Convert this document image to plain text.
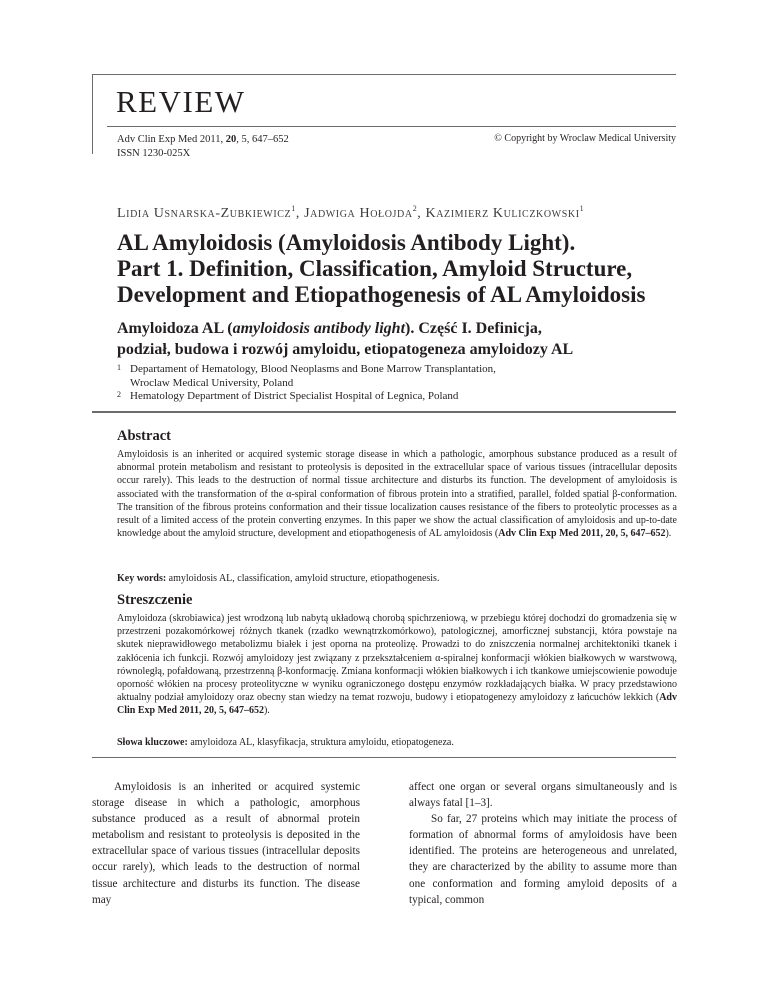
REVIEW
Adv Clin Exp Med 2011, 20, 5, 647–652
ISSN 1230-025X
© Copyright by Wroclaw Medical University
Lidia Usnarska-Zubkiewicz$^1$, Jadwiga Hołojda$^2$, Kazimierz Kuliczkowski$^1$
AL Amyloidosis (Amyloidosis Antibody Light).
Part 1. Definition, Classification, Amyloid Structure,
Development and Etiopathogenesis of AL Amyloidosis
Amyloidoza AL (amyloidosis antibody light). Część I. Definicja,
podział, budowa i rozwój amyloidu, etiopatogeneza amyloidozy AL
1 Departament of Hematology, Blood Neoplasms and Bone Marrow Transplantation,
Wroclaw Medical University, Poland
2 Hematology Department of District Specialist Hospital of Legnica, Poland
Abstract
Amyloidosis is an inherited or acquired systemic storage disease in which a pathologic, amorphous substance produced as a result of abnormal protein metabolism and resistant to proteolysis is deposited in the extracellular space of various tissues (intracellular deposits occur rarely). This leads to the destruction of normal tissue architecture and disturbs its function. The development of amyloidosis is associated with the transformation of the α-spiral conformation of fibrous protein into a stratified, parallel, folded spatial β-conformation. The transition of the fibrous proteins conformation and their tissue localization causes resistance of the fibers to proteolytic processes as a result of a limited access of the protein converting enzymes. In this paper we show the actual classification of amyloidosis and up-to-date knowledge about the amyloid structure, development and etiopathogenesis of AL amyloidosis (Adv Clin Exp Med 2011, 20, 5, 647–652).
Key words: amyloidosis AL, classification, amyloid structure, etiopathogenesis.
Streszczenie
Amyloidoza (skrobiawica) jest wrodzoną lub nabytą układową chorobą spichrzeniową, w przebiegu której dochodzi do gromadzenia się w przestrzeni pozakomórkowej różnych tkanek (rzadko wewnątrzkomórkowo), patologicznej, amorficznej substancji, która powstaje na skutek nieprawidłowego metabolizmu białek i jest oporna na proteolizę. Prowadzi to do zniszczenia normalnej architektoniki tkanek i zakłócenia ich funkcji. Rozwój amyloidozy jest związany z przekształceniem α-spiralnej konformacji włókien białkowych w warstwową, równoległą, pofałdowaną, przestrzenną β-konformację. Zmiana konformacji włókien białkowych i ich tkankowe umiejscowienie powoduje oporność włókien na procesy proteolityczne w wyniku ograniczonego dostępu enzymów rozkładających białka. W pracy przedstawiono aktualny podział amyloidozy oraz obecny stan wiedzy na temat rozwoju, budowy i etiopatogenezy amyloidozy z łańcuchów lekkich (Adv Clin Exp Med 2011, 20, 5, 647–652).
Słowa kluczowe: amyloidoza AL, klasyfikacja, struktura amyloidu, etiopatogeneza.

Amyloidosis is an inherited or acquired systemic storage disease in which a pathologic, amorphous substance produced as a result of abnormal protein metabolism and resistant to proteolysis is deposited in the extracellular space of various tissues (intracellular deposits occur rarely), which leads to the destruction of normal tissue architecture and disturbs its function. The disease may

affect one organ or several organs simultaneously and is always fatal [1–3].

So far, 27 proteins which may initiate the process of formation of abnormal forms of amyloidosis have been identified. The proteins are heterogeneous and unrelated, they are characterized by the ability to assume more than one conformation and forming amyloid deposits of a typical, common
